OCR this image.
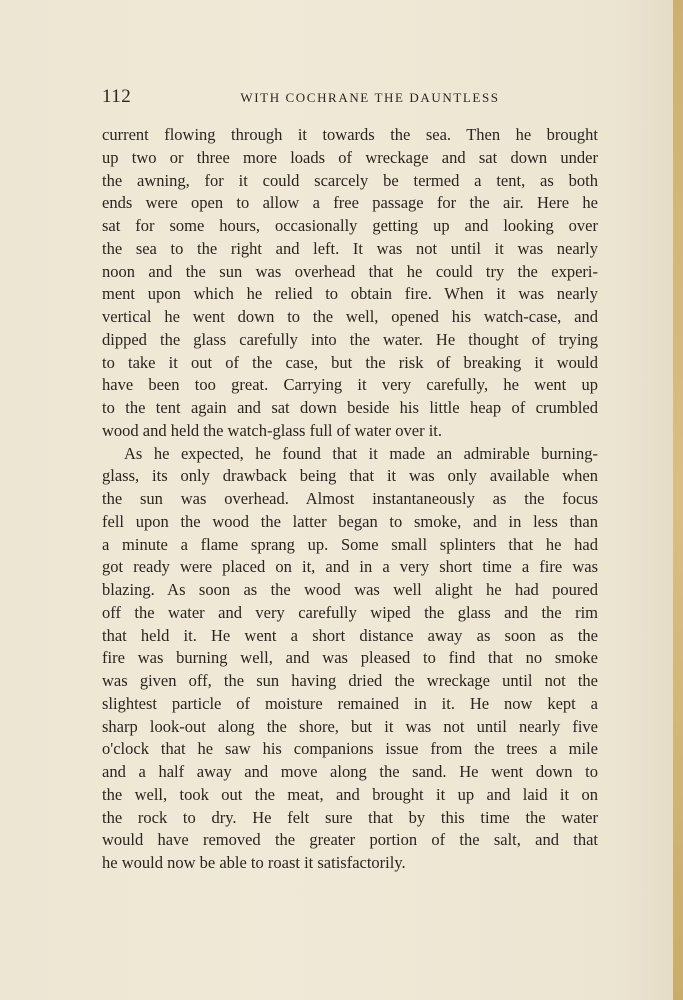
112	WITH COCHRANE THE DAUNTLESS

current flowing through it towards the sea. Then he brought
up two or three more loads of wreckage and sat down under
the awning, for it could scarcely be termed a tent, as both
ends were open to allow a free passage for the air. Here he
sat for some hours, occasionally getting up and looking over
the sea to the right and left. It was not until it was nearly
noon and the sun was overhead that he could try the experi-
ment upon which he relied to obtain fire. When it was nearly
vertical he went down to the well, opened his watch-case, and
dipped the glass carefully into the water. He thought of trying
to take it out of the case, but the risk of breaking it would
have been too great. Carrying it very carefully, he went up
to the tent again and sat down beside his little heap of crumbled
wood and held the watch-glass full of water over it.

As he expected, he found that it made an admirable burning-
glass, its only drawback being that it was only available when
the sun was overhead. Almost instantaneously as the focus
fell upon the wood the latter began to smoke, and in less than
a minute a flame sprang up. Some small splinters that he had
got ready were placed on it, and in a very short time a fire was
blazing. As soon as the wood was well alight he had poured
off the water and very carefully wiped the glass and the rim
that held it. He went a short distance away as soon as the
fire was burning well, and was pleased to find that no smoke
was given off, the sun having dried the wreckage until not the
slightest particle of moisture remained in it. He now kept a
sharp look-out along the shore, but it was not until nearly five
o'clock that he saw his companions issue from the trees a mile
and a half away and move along the sand. He went down to
the well, took out the meat, and brought it up and laid it on
the rock to dry. He felt sure that by this time the water
would have removed the greater portion of the salt, and that
he would now be able to roast it satisfactorily.
